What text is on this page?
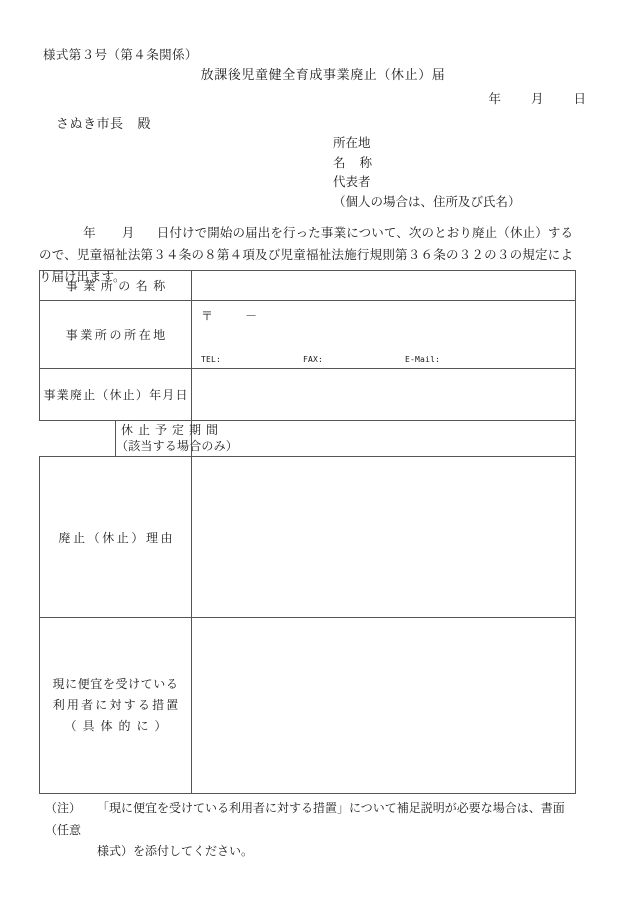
様式第３号（第４条関係）
放課後児童健全育成事業廃止（休止）届
年 月 日
さぬき市長 殿
所在地
名 称
代表者
（個人の場合は、住所及び氏名）
年 月 日付けで開始の届出を行った事業について、次のとおり廃止（休止）するので、児童福祉法第３４条の８第４項及び児童福祉法施行規則第３６条の３２の３の規定により届け出ます。
事業所の名称		
事業所の所在地		〒 －
TEL: FAX: E-Mail:

事業廃止（休止）年月日		

	休止予定期間
（該当する場合のみ）	

廃止（休止）理由		

現に便宜を受けている
利用者に対する措置
（具体的に）		

（注） 「現に便宜を受けている利用者に対する措置」について補足説明が必要な場合は、書面（任意
様式）を添付してください。
